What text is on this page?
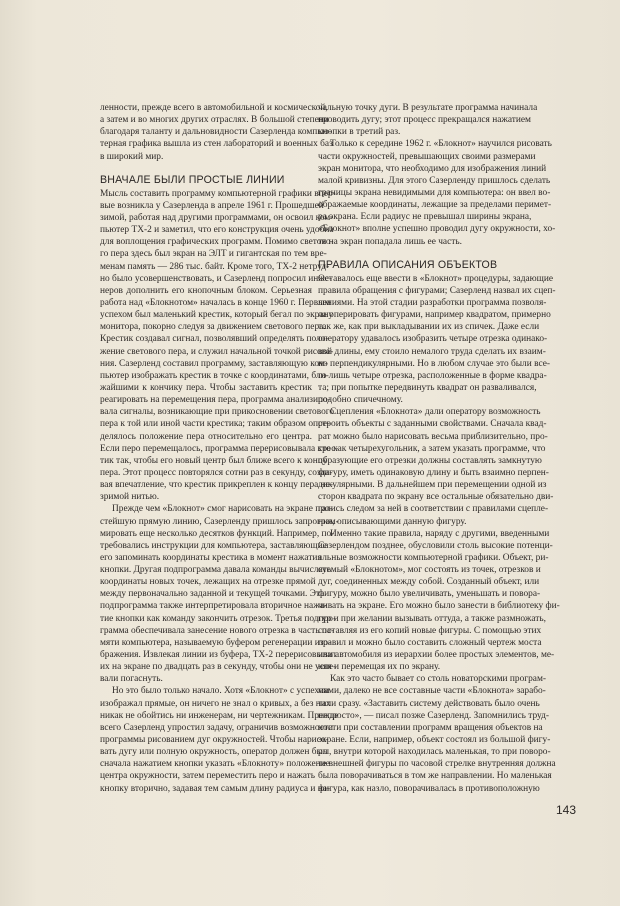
ленности, прежде всего в автомобильной и космической,
а затем и во многих других отраслях. В большой степени
благодаря таланту и дальновидности Сазерленда компью-
терная графика вышла из стен лабораторий и военных баз
в широкий мир.
ВНАЧАЛЕ БЫЛИ ПРОСТЫЕ ЛИНИИ
Мысль составить программу компьютерной графики впер-
вые возникла у Сазерленда в апреле 1961 г. Прошедшей
зимой, работая над другими программами, он освоил ком-
пьютер ТХ-2 и заметил, что его конструкция очень удобна
для воплощения графических программ. Помимо светово-
го пера здесь был экран на ЭЛТ и гигантская по тем вре-
менам память — 286 тыс. байт. Кроме того, ТХ-2 нетруд-
но было усовершенствовать, и Сазерленд попросил инже-
неров дополнить его кнопочным блоком. Серьезная
работа над «Блокнотом» началась в конце 1960 г. Первым
успехом был маленький крестик, который бегал по экрану
монитора, покорно следуя за движением светового пера.
Крестик создавал сигнал, позволявший определять поло-
жение светового пера, и служил начальной точкой рисова-
ния. Сазерленд составил программу, заставляющую ком-
пьютер изображать крестик в точке с координатами, бли-
жайшими к кончику пера. Чтобы заставить крестик
реагировать на перемещения пера, программа анализиро-
вала сигналы, возникающие при прикосновении светового
пера к той или иной части крестика; таким образом опре-
делялось положение пера относительно его центра.
Если перо перемещалось, программа перерисовывала крес-
тик так, чтобы его новый центр был ближе всего к концу
пера. Этот процесс повторялся сотни раз в секунду, созда-
вая впечатление, что крестик прикреплен к концу пера не-
зримой нитью.
Прежде чем «Блокнот» смог нарисовать на экране про-
стейшую прямую линию, Сазерленду пришлось запрограм-
мировать еще несколько десятков функций. Например, по-
требовались инструкции для компьютера, заставляющие
его запоминать координаты крестика в момент нажатия
кнопки. Другая подпрограмма давала команды вычислять
координаты новых точек, лежащих на отрезке прямой
между первоначально заданной и текущей точками. Эта
подпрограмма также интерпретировала вторичное нажа-
тие кнопки как команду закончить отрезок. Третья подпро-
грамма обеспечивала занесение нового отрезка в часть па-
мяти компьютера, называемую буфером регенерации изо-
бражения. Извлекая линии из буфера, ТХ-2 перерисовывал
их на экране по двадцать раз в секунду, чтобы они не успе-
вали погаснуть.
Но это было только начало. Хотя «Блокнот» с успехом
изображал прямые, он ничего не знал о кривых, а без них
никак не обойтись ни инженерам, ни чертежникам. Прежде
всего Сазерленд упростил задачу, ограничив возможности
программы рисованием дуг окружностей. Чтобы нарисо-
вать дугу или полную окружность, оператор должен был
сначала нажатием кнопки указать «Блокноту» положение
центра окружности, затем переместить перо и нажать
кнопку вторично, задавая тем самым длину радиуса и на-
чальную точку дуги. В результате программа начинала
проводить дугу; этот процесс прекращался нажатием
кнопки в третий раз.
Только к середине 1962 г. «Блокнот» научился рисовать
части окружностей, превышающих своими размерами
экран монитора, что необходимо для изображения линий
малой кривизны. Для этого Сазерленду пришлось сделать
границы экрана невидимыми для компьютера: он ввел во-
ображаемые координаты, лежащие за пределами перимет-
ра экрана. Если радиус не превышал ширины экрана,
«Блокнот» вполне успешно проводил дугу окружности, хо-
тя на экран попадала лишь ее часть.
ПРАВИЛА ОПИСАНИЯ ОБЪЕКТОВ
Оставалось еще ввести в «Блокнот» процедуры, задающие
правила обращения с фигурами; Сазерленд назвал их сцеп-
лениями. На этой стадии разработки программа позволя-
ла оперировать фигурами, например квадратом, примерно
так же, как при выкладывании их из спичек. Даже если
оператору удавалось изобразить четыре отрезка одинако-
вой длины, ему стоило немалого труда сделать их взаим-
но перпендикулярными. Но в любом случае это были все-
го лишь четыре отрезка, расположенные в форме квадра-
та; при попытке передвинуть квадрат он разваливался,
подобно спичечному.
Сцепления «Блокнота» дали оператору возможность
строить объекты с заданными свойствами. Сначала квад-
рат можно было нарисовать весьма приблизительно, про-
сто как четырехугольник, а затем указать программе, что
образующие его отрезки должны составлять замкнутую
фигуру, иметь одинаковую длину и быть взаимно перпен-
дикулярными. В дальнейшем при перемещении одной из
сторон квадрата по экрану все остальные обязательно дви-
гались следом за ней в соответствии с правилами сцепле-
ния, описывающими данную фигуру.
Именно такие правила, наряду с другими, введенными
Сазерлендом позднее, обусловили столь высокие потенци-
альные возможности компьютерной графики. Объект, ри-
суемый «Блокнотом», мог состоять из точек, отрезков и
дуг, соединенных между собой. Созданный объект, или
фигуру, можно было увеличивать, уменьшать и повора-
чивать на экране. Его можно было занести в библиотеку фи-
гур и при желании вызывать оттуда, а также размножать,
составляя из его копий новые фигуры. С помощью этих
правил и можно было составить сложный чертеж моста
или автомобиля из иерархии более простых элементов, ме-
няя и перемещая их по экрану.
Как это часто бывает со столь новаторскими програм-
мами, далеко не все составные части «Блокнота» зарабо-
тали сразу. «Заставить систему действовать было очень
непросто», — писал позже Сазерленд. Запомнились труд-
ности при составлении программ вращения объектов на
экране. Если, например, объект состоял из большой фигу-
ры, внутри которой находилась маленькая, то при поворо-
те внешней фигуры по часовой стрелке внутренняя должна
была поворачиваться в том же направлении. Но маленькая
фигура, как назло, поворачивалась в противоположную
143
